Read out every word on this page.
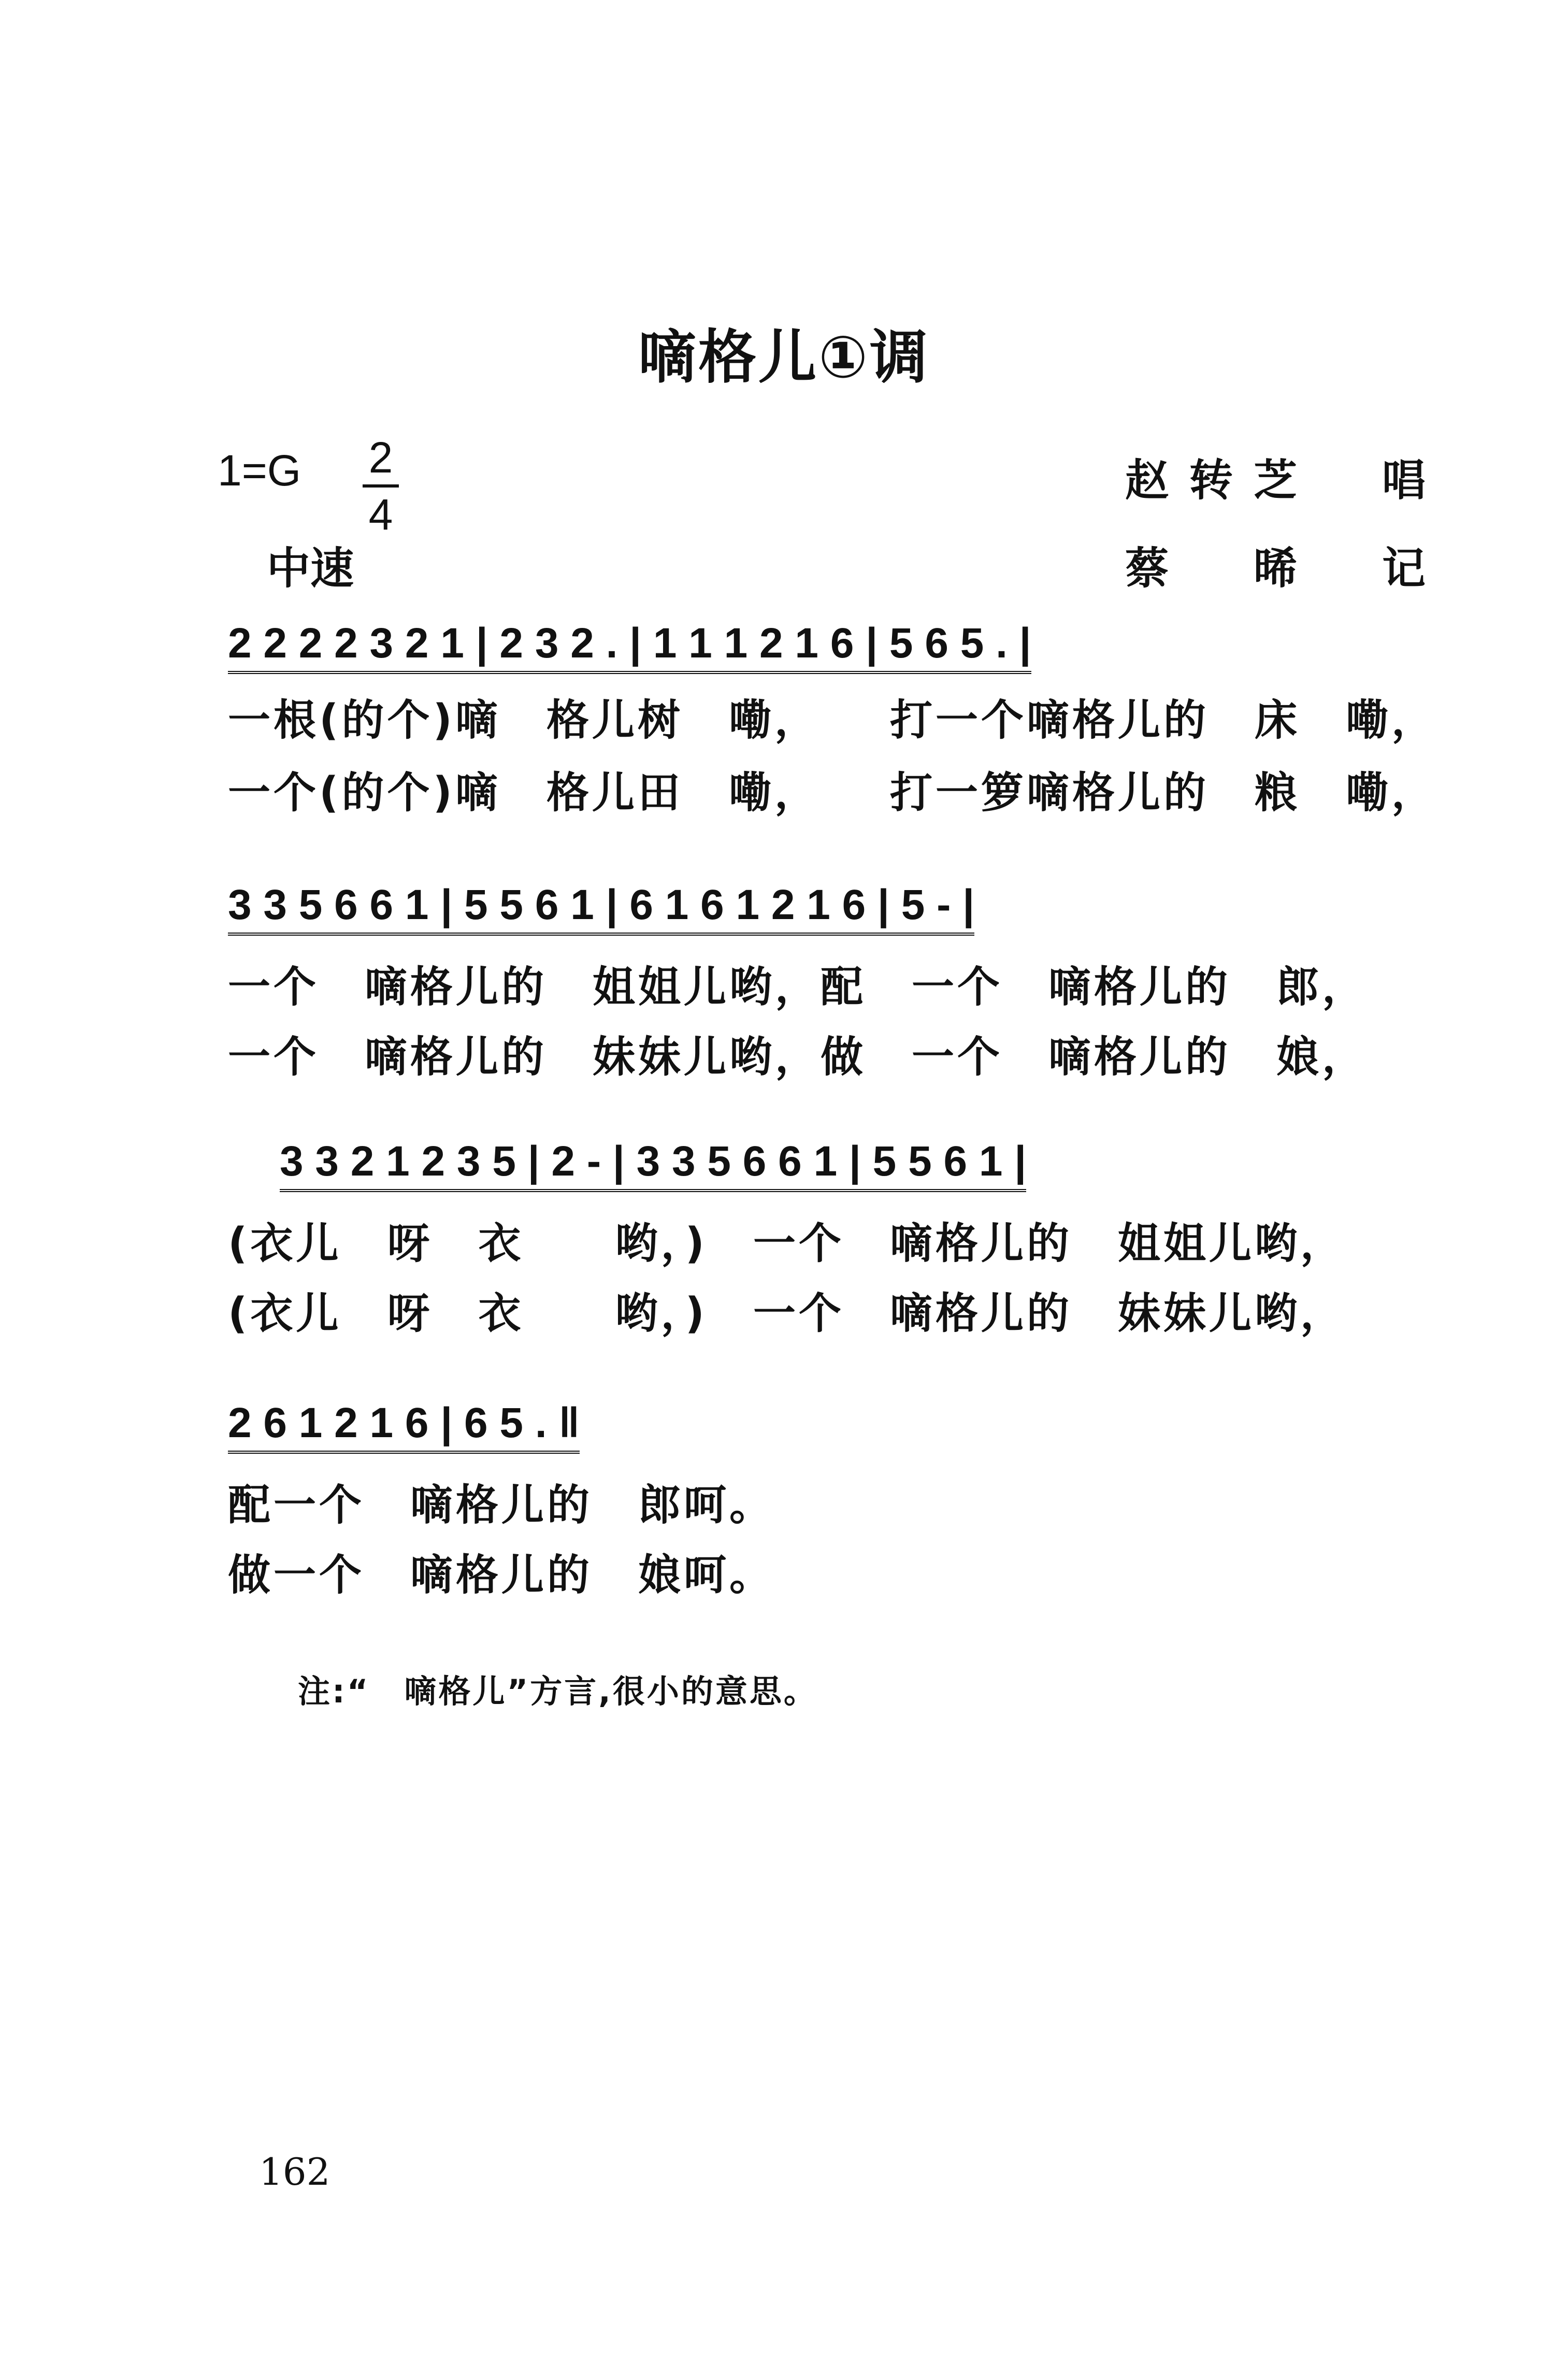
嘀格儿①调
1=G 2
4
中速
赵转芝　唱
蔡　晞　记
2 2 2 2 3 2 1 | 2 3 2 . | 1 1 1 2 1 6 | 5 6 5 . |
一根(的个)嘀　格儿树　嘞，　　打一个嘀格儿的　床　嘞，
一个(的个)嘀　格儿田　嘞，　　打一箩嘀格儿的　粮　嘞，
3 3 5 6 6 1 | 5 5 6 1 | 6 1 6 1 2 1 6 | 5 - |
一个　嘀格儿的　姐姐儿哟，配　一个　嘀格儿的　郎，
一个　嘀格儿的　妹妹儿哟，做　一个　嘀格儿的　娘，
3 3 2 1 2 3 5 | 2 - | 3 3 5 6 6 1 | 5 5 6 1 |
(衣儿　呀　衣　　哟，)　一个　嘀格儿的　姐姐儿哟，
(衣儿　呀　衣　　哟，)　一个　嘀格儿的　妹妹儿哟，
2 6 1 2 1 6 | 6 5 . ‖
配一个　嘀格儿的　郎呵。
做一个　嘀格儿的　娘呵。
注:“　嘀格儿”方言,很小的意思。
162
